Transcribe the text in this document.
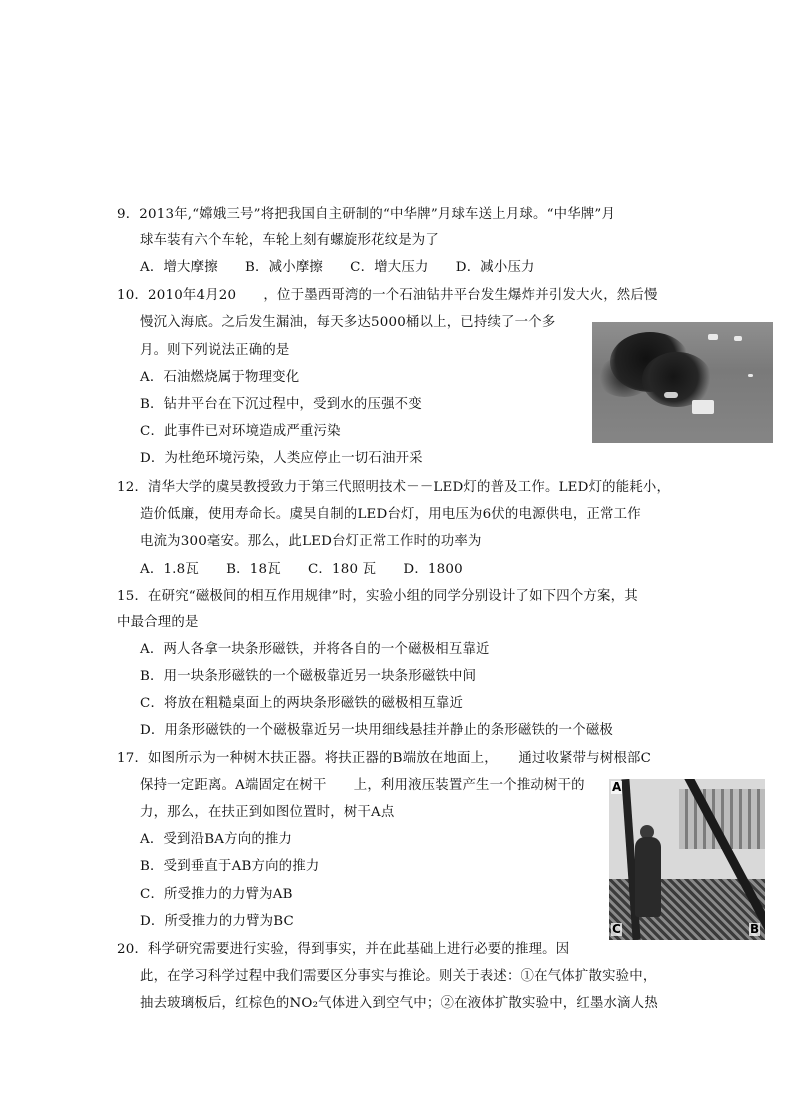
9．2013年,“嫦娥三号”将把我国自主研制的“中华牌”月球车送上月球。“中华牌”月
球车装有六个车轮，车轮上刻有螺旋形花纹是为了
A．增大摩擦　　B．减小摩擦　　C．增大压力　　D．减小压力
10．2010年4月20　　，位于墨西哥湾的一个石油钻井平台发生爆炸并引发大火，然后慢
慢沉入海底。之后发生漏油，每天多达5000桶以上，已持续了一个多
月。则下列说法正确的是
A．石油燃烧属于物理变化
B．钻井平台在下沉过程中，受到水的压强不变
C．此事件已对环境造成严重污染
D．为杜绝环境污染，人类应停止一切石油开采
12．清华大学的虞昊教授致力于第三代照明技术－－LED灯的普及工作。LED灯的能耗小，
造价低廉，使用寿命长。虞昊自制的LED台灯，用电压为6伏的电源供电，正常工作
电流为300毫安。那么，此LED台灯正常工作时的功率为
A．1.8瓦　　B．18瓦　　C．180 瓦　　D．1800
15．在研究“磁极间的相互作用规律”时，实验小组的同学分别设计了如下四个方案，其
中最合理的是
A．两人各拿一块条形磁铁，并将各自的一个磁极相互靠近
B．用一块条形磁铁的一个磁极靠近另一块条形磁铁中间
C．将放在粗糙桌面上的两块条形磁铁的磁极相互靠近
D．用条形磁铁的一个磁极靠近另一块用细线悬挂并静止的条形磁铁的一个磁极
17．如图所示为一种树木扶正器。将扶正器的B端放在地面上，　　通过收紧带与树根部C
保持一定距离。A端固定在树干　　上，利用液压装置产生一个推动树干的
力，那么，在扶正到如图位置时，树干A点
A．受到沿BA方向的推力
B．受到垂直于AB方向的推力
C．所受推力的力臂为AB
D．所受推力的力臂为BC
A
C	B
20．科学研究需要进行实验，得到事实，并在此基础上进行必要的推理。因
此，在学习科学过程中我们需要区分事实与推论。则关于表述：①在气体扩散实验中，
抽去玻璃板后，红棕色的NO₂气体进入到空气中；②在液体扩散实验中，红墨水滴人热
